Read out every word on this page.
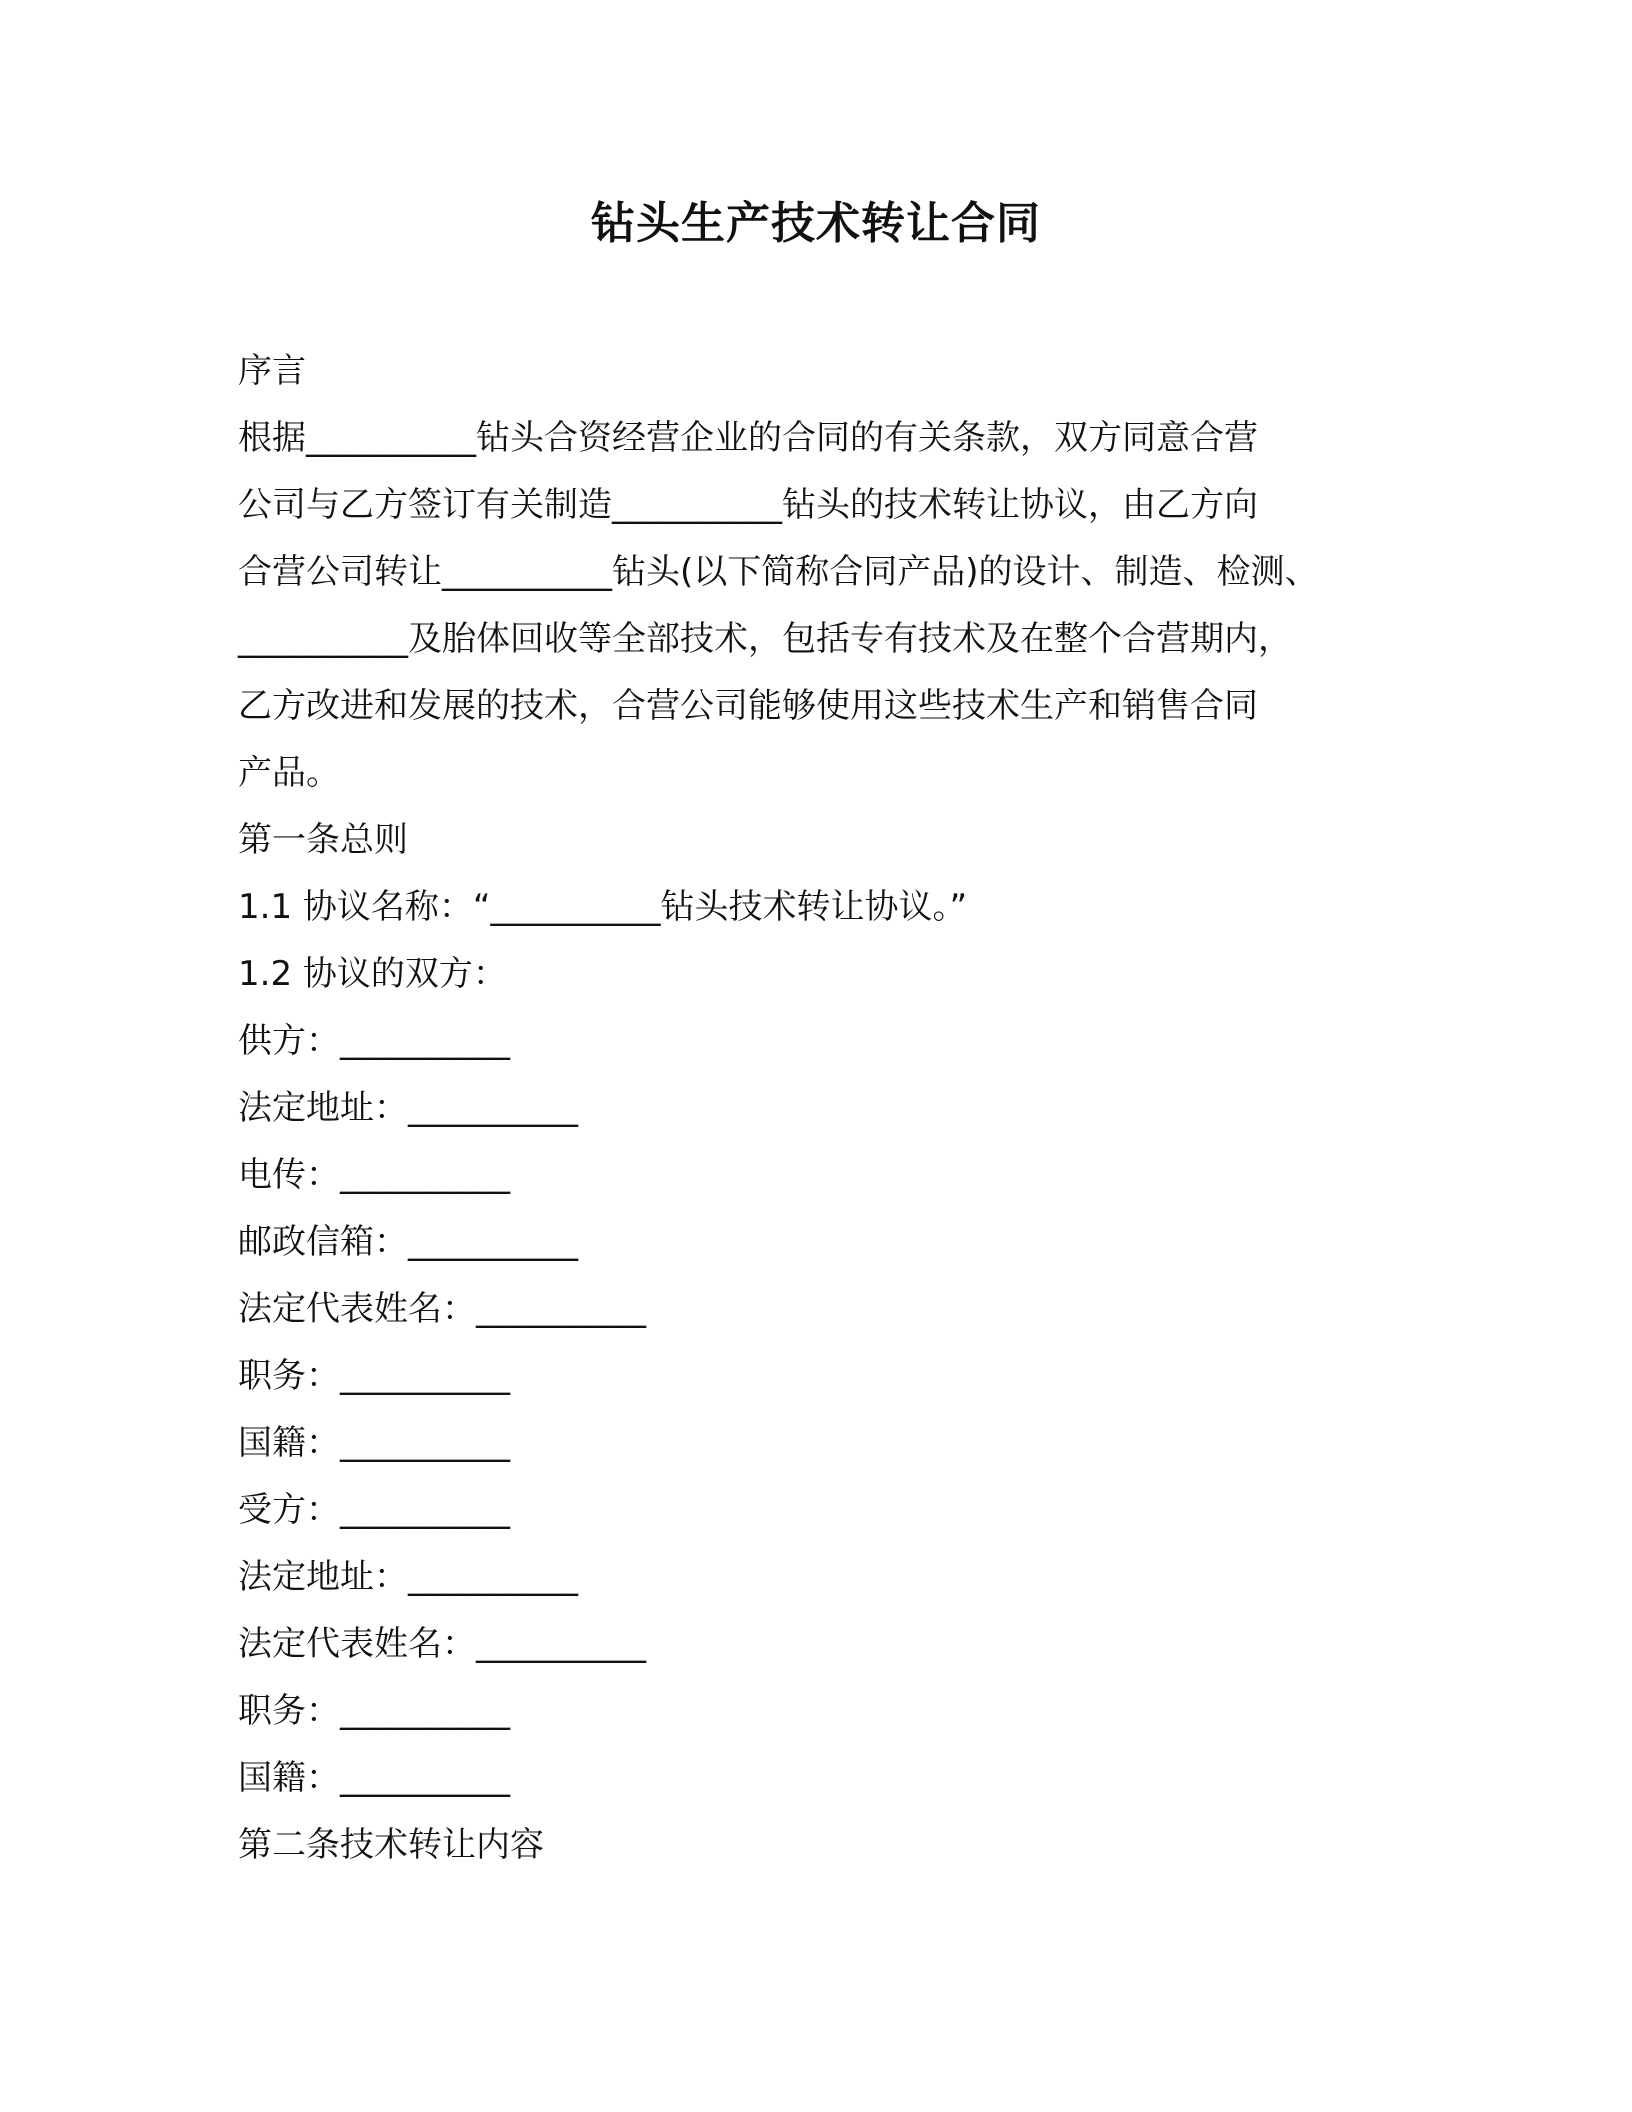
钻头生产技术转让合同
序言
根据__________钻头合资经营企业的合同的有关条款，双方同意合营
公司与乙方签订有关制造__________钻头的技术转让协议，由乙方向
合营公司转让__________钻头(以下简称合同产品)的设计、制造、检测、
__________及胎体回收等全部技术，包括专有技术及在整个合营期内，
乙方改进和发展的技术，合营公司能够使用这些技术生产和销售合同
产品。
第一条总则
1.1 协议名称：“__________钻头技术转让协议。”
1.2 协议的双方：
供方：__________
法定地址：__________
电传：__________
邮政信箱：__________
法定代表姓名：__________
职务：__________
国籍：__________
受方：__________
法定地址：__________
法定代表姓名：__________
职务：__________
国籍：__________
第二条技术转让内容
